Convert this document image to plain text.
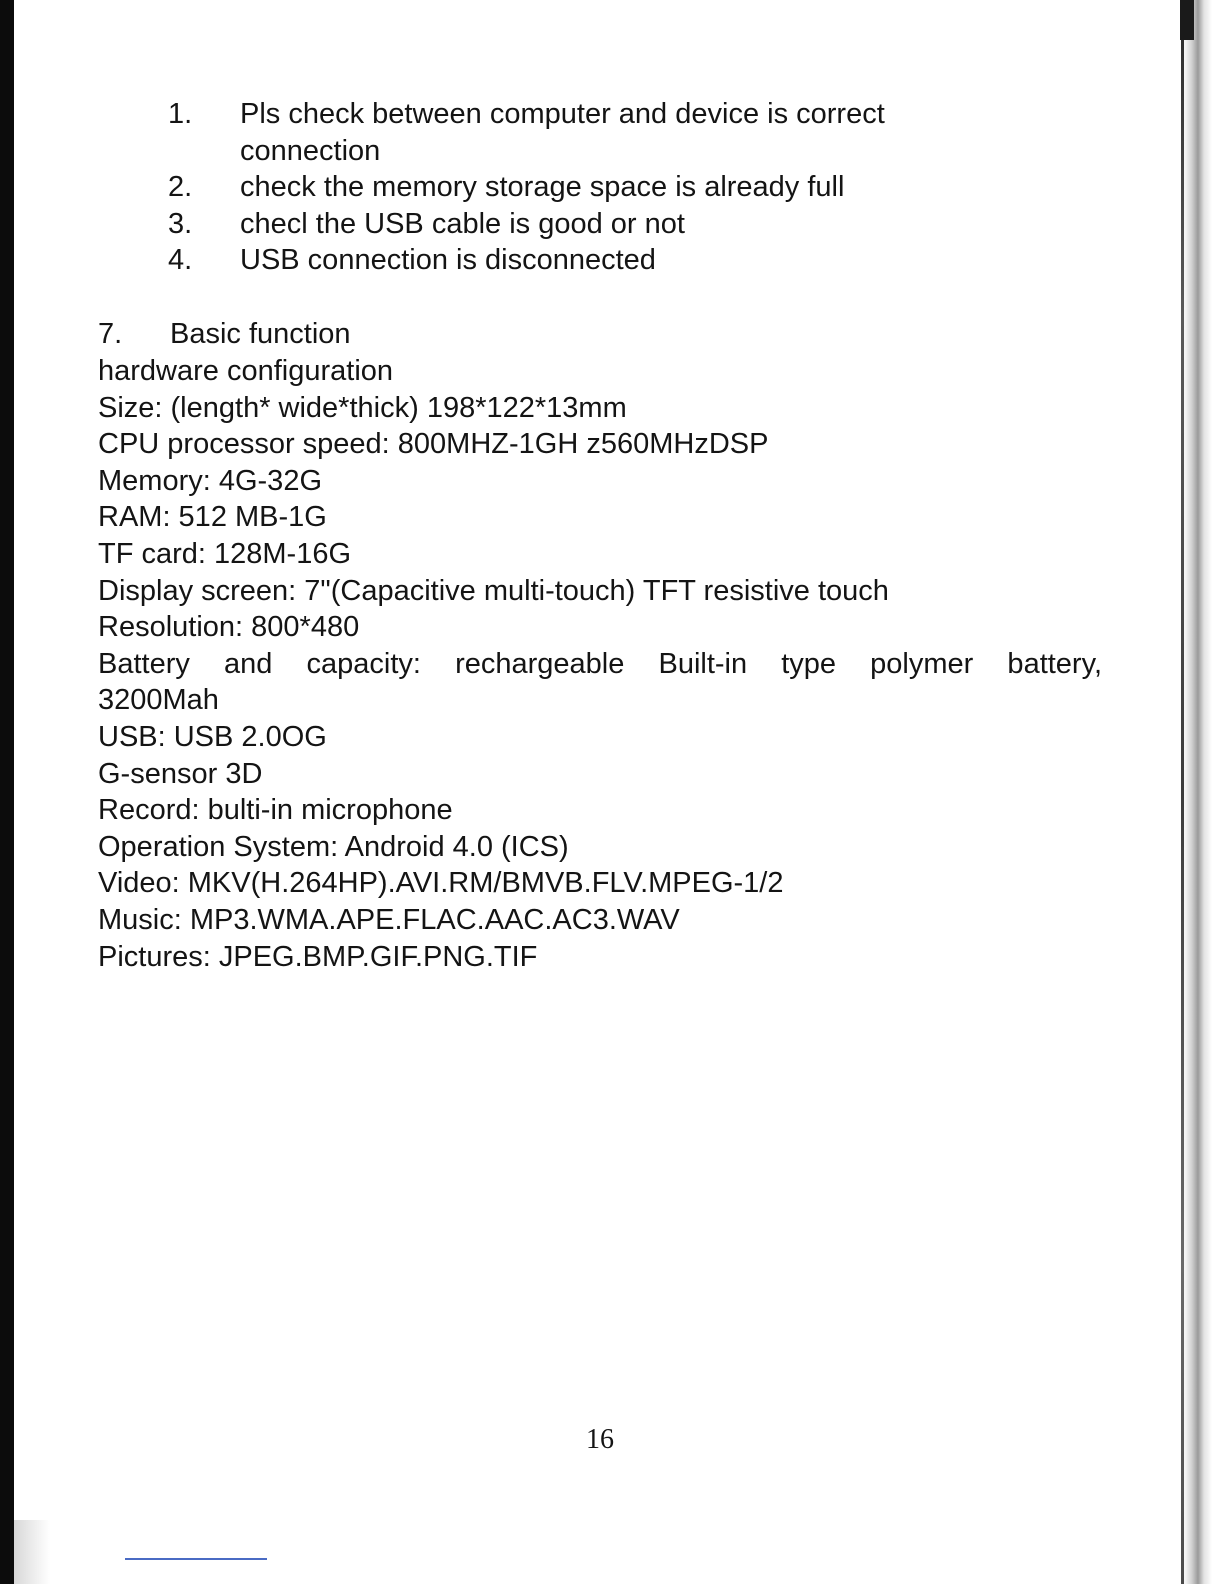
1. Pls check between computer and device is correct
connection
2. check the memory storage space is already full
3. checl the USB cable is good or not
4. USB connection is disconnected
7. Basic function
hardware configuration
Size: (length* wide*thick) 198*122*13mm
CPU processor speed: 800MHZ-1GH z560MHzDSP
Memory: 4G-32G
RAM: 512 MB-1G
TF card: 128M-16G
Display screen: 7"(Capacitive multi-touch) TFT resistive touch
Resolution: 800*480
Battery and capacity: rechargeable Built-in type polymer battery,
3200Mah
USB: USB 2.0OG
G-sensor 3D
Record: bulti-in microphone
Operation System: Android 4.0 (ICS)
Video: MKV(H.264HP).AVI.RM/BMVB.FLV.MPEG-1/2
Music: MP3.WMA.APE.FLAC.AAC.AC3.WAV
Pictures: JPEG.BMP.GIF.PNG.TIF
16
